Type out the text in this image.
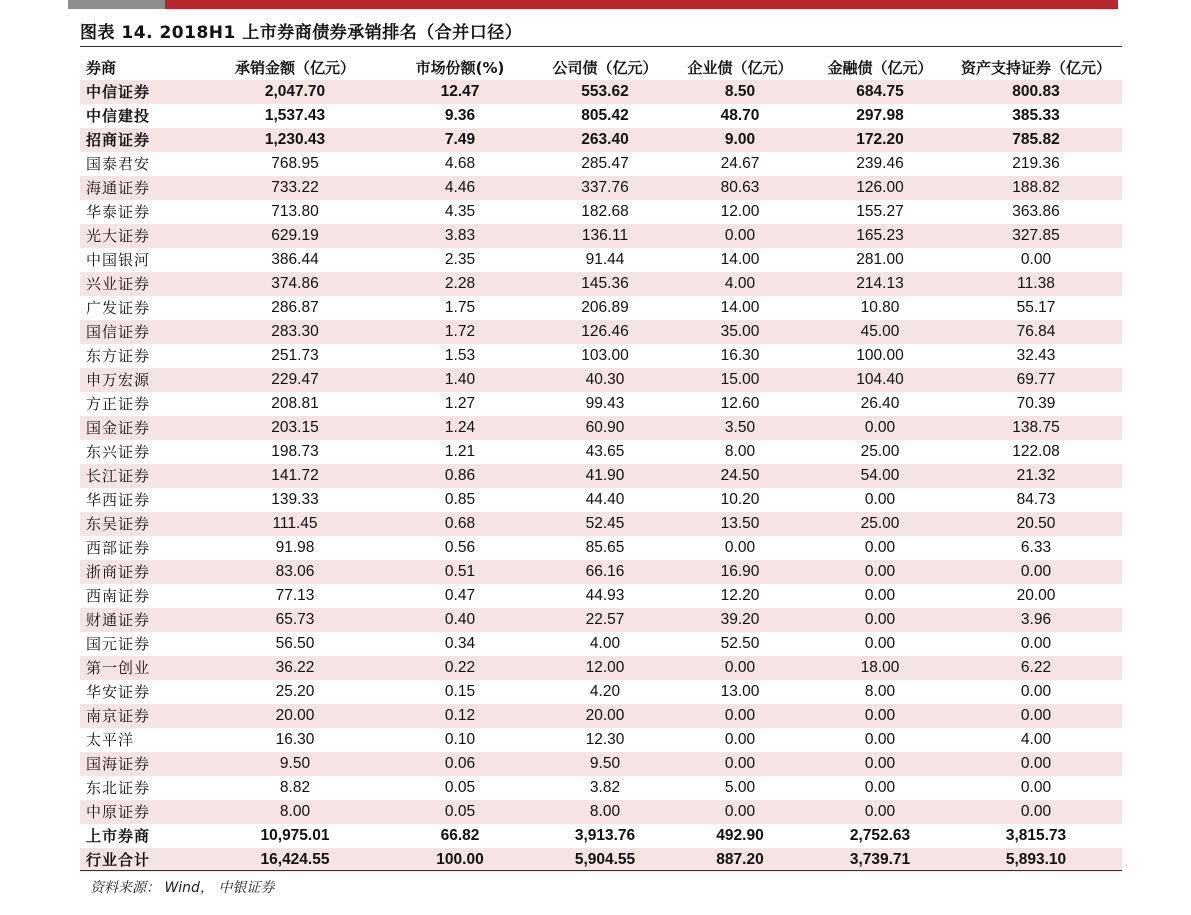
图表 14. 2018H1 上市券商债券承销排名（合并口径）
券商	承销金额（亿元）	市场份额(%)	公司债（亿元）	企业债（亿元）	金融债（亿元）	资产支持证券（亿元）
中信证券	2,047.70	12.47	553.62	8.50	684.75	800.83
中信建投	1,537.43	9.36	805.42	48.70	297.98	385.33
招商证券	1,230.43	7.49	263.40	9.00	172.20	785.82
国泰君安	768.95	4.68	285.47	24.67	239.46	219.36
海通证券	733.22	4.46	337.76	80.63	126.00	188.82
华泰证券	713.80	4.35	182.68	12.00	155.27	363.86
光大证券	629.19	3.83	136.11	0.00	165.23	327.85
中国银河	386.44	2.35	91.44	14.00	281.00	0.00
兴业证券	374.86	2.28	145.36	4.00	214.13	11.38
广发证券	286.87	1.75	206.89	14.00	10.80	55.17
国信证券	283.30	1.72	126.46	35.00	45.00	76.84
东方证券	251.73	1.53	103.00	16.30	100.00	32.43
申万宏源	229.47	1.40	40.30	15.00	104.40	69.77
方正证券	208.81	1.27	99.43	12.60	26.40	70.39
国金证券	203.15	1.24	60.90	3.50	0.00	138.75
东兴证券	198.73	1.21	43.65	8.00	25.00	122.08
长江证券	141.72	0.86	41.90	24.50	54.00	21.32
华西证券	139.33	0.85	44.40	10.20	0.00	84.73
东吴证券	111.45	0.68	52.45	13.50	25.00	20.50
西部证券	91.98	0.56	85.65	0.00	0.00	6.33
浙商证券	83.06	0.51	66.16	16.90	0.00	0.00
西南证券	77.13	0.47	44.93	12.20	0.00	20.00
财通证券	65.73	0.40	22.57	39.20	0.00	3.96
国元证券	56.50	0.34	4.00	52.50	0.00	0.00
第一创业	36.22	0.22	12.00	0.00	18.00	6.22
华安证券	25.20	0.15	4.20	13.00	8.00	0.00
南京证券	20.00	0.12	20.00	0.00	0.00	0.00
太平洋	16.30	0.10	12.30	0.00	0.00	4.00
国海证券	9.50	0.06	9.50	0.00	0.00	0.00
东北证券	8.82	0.05	3.82	5.00	0.00	0.00
中原证券	8.00	0.05	8.00	0.00	0.00	0.00
上市券商	10,975.01	66.82	3,913.76	492.90	2,752.63	3,815.73
行业合计	16,424.55	100.00	5,904.55	887.20	3,739.71	5,893.10
资料来源： Wind， 中银证券
